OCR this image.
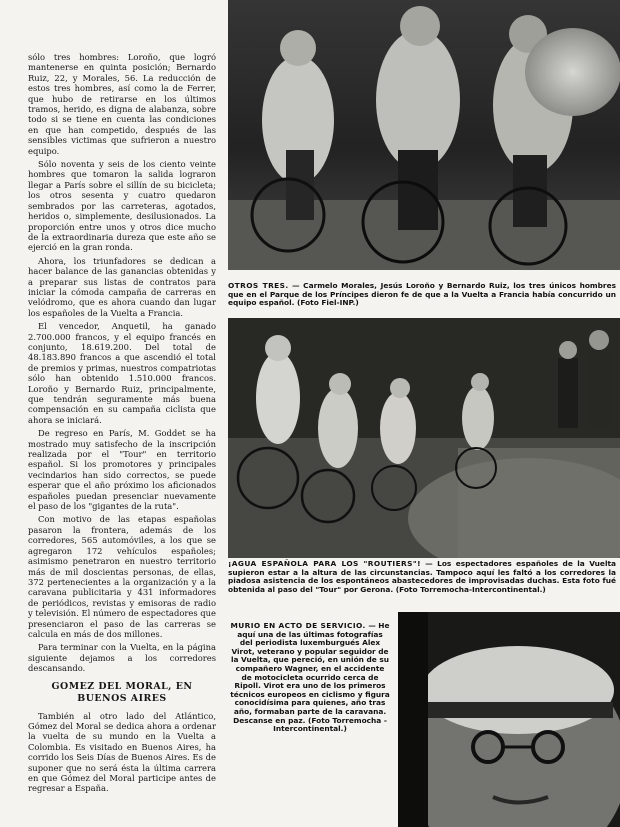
sólo tres hombres: Loroño, que logró mantenerse en quinta posición; Bernardo Ruiz, 22, y Morales, 56. La reducción de estos tres hombres, así como la de Ferrer, que hubo de retirarse en los últimos tramos, herido, es digna de alabanza, sobre todo si se tiene en cuenta las condiciones en que han competido, después de las sensibles victimas que sufrieron a nuestro equipo.

Sólo noventa y seis de los ciento veinte hombres que tomaron la salida lograron llegar a París sobre el sillín de su bicicleta; los otros sesenta y cuatro quedaron sembrados por las carreteras, agotados, heridos o, simplemente, desilusionados. La proporción entre unos y otros dice mucho de la extraordinaria dureza que este año se ejerció en la gran ronda.

Ahora, los triunfadores se dedican a hacer balance de las ganancias obtenidas y a preparar sus listas de contratos para iniciar la cómoda campaña de carreras en velódromo, que es ahora cuando dan lugar los españoles de la Vuelta a Francia.

El vencedor, Anquetil, ha ganado 2.700.000 francos, y el equipo francés en conjunto, 18.619.200. Del total de 48.183.890 francos a que ascendió el total de premios y primas, nuestros compatriotas sólo han obtenido 1.510.000 francos. Loroño y Bernardo Ruiz, principalmente, que tendrán seguramente más buena compensación en su campaña ciclista que ahora se iniciará.

De regreso en París, M. Goddet se ha mostrado muy satisfecho de la inscripción realizada por el "Tour" en territorio español. Si los promotores y principales vecindarios han sido correctos, se puede esperar que el año próximo los aficionados españoles puedan presenciar nuevamente el paso de los "gigantes de la ruta".

Con motivo de las etapas españolas pasaron la frontera, además de los corredores, 565 automóviles, a los que se agregaron 172 vehículos españoles; asimismo penetraron en nuestro territorio más de mil doscientas personas, de ellas, 372 pertenecientes a la organización y a la caravana publicitaria y 431 informadores de periódicos, revistas y emisoras de radio y televisión. El número de espectadores que presenciaron el paso de las carreras se calcula en más de dos millones.

Para terminar con la Vuelta, en la página siguiente dejamos a los corredores descansando.

GOMEZ DEL MORAL, EN BUENOS AIRES

También al otro lado del Atlántico, Gómez del Moral se dedica ahora a ordenar la vuelta de su mundo en la Vuelta a Colombia. Es visitado en Buenos Aires, ha corrido los Seis Días de Buenos Aires. Es de suponer que no será ésta la última carrera en que Gómez del Moral participe antes de regresar a España.

OTROS TRES. — Carmelo Morales, Jesús Loroño y Bernardo Ruiz, los tres únicos hombres que en el Parque de los Príncipes dieron fe de que a la Vuelta a Francia había concurrido un equipo español. (Foto Fiel-INP.)
¡AGUA ESPAÑOLA PARA LOS "ROUTIERS"! — Los espectadores españoles de la Vuelta supieron estar a la altura de las circunstancias. Tampoco aquí les faltó a los corredores la piadosa asistencia de los espontáneos abastecedores de improvisadas duchas. Esta foto fué obtenida al paso del "Tour" por Gerona. (Foto Torremocha-Intercontinental.)
MURIO EN ACTO DE SERVICIO. — He aquí una de las últimas fotografías del periodista luxemburgués Alex Virot, veterano y popular seguidor de la Vuelta, que pereció, en unión de su compañero Wagner, en el accidente de motocicleta ocurrido cerca de Ripoll. Virot era uno de los primeros técnicos europeos en ciclismo y figura conocidísima para quienes, año tras año, formaban parte de la caravana. Descanse en paz. (Foto Torremocha - Intercontinental.)
